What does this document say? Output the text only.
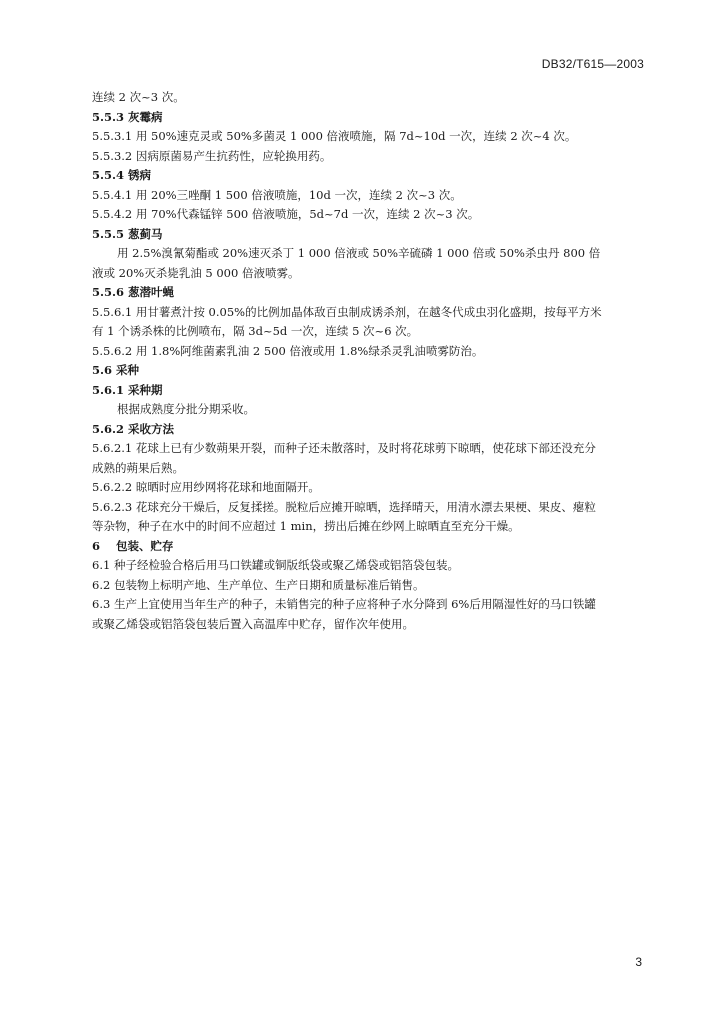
DB32/T615—2003
连续 2 次~3 次。
5.5.3 灰霉病
5.5.3.1 用 50%速克灵或 50%多菌灵 1 000 倍液喷施，隔 7d~10d 一次，连续 2 次~4 次。
5.5.3.2 因病原菌易产生抗药性，应轮换用药。
5.5.4 锈病
5.5.4.1 用 20%三唑酮 1 500 倍液喷施，10d 一次，连续 2 次~3 次。
5.5.4.2 用 70%代森锰锌 500 倍液喷施，5d~7d 一次，连续 2 次~3 次。
5.5.5 葱蓟马
用 2.5%溴氰菊酯或 20%速灭杀丁 1 000 倍液或 50%辛硫磷 1 000 倍或 50%杀虫丹 800 倍
液或 20%灭杀毙乳油 5 000 倍液喷雾。
5.5.6 葱潜叶蝇
5.5.6.1 用甘薯煮汁按 0.05%的比例加晶体敌百虫制成诱杀剂，在越冬代成虫羽化盛期，按每平方米
有 1 个诱杀株的比例喷布，隔 3d~5d 一次，连续 5 次~6 次。
5.5.6.2 用 1.8%阿维菌素乳油 2 500 倍液或用 1.8%绿杀灵乳油喷雾防治。
5.6 采种
5.6.1 采种期
根据成熟度分批分期采收。
5.6.2 采收方法
5.6.2.1 花球上已有少数蒴果开裂，而种子还未散落时，及时将花球剪下晾晒，使花球下部还没充分
成熟的蒴果后熟。
5.6.2.2 晾晒时应用纱网将花球和地面隔开。
5.6.2.3 花球充分干燥后，反复揉搓。脱粒后应摊开晾晒，选择晴天，用清水漂去果梗、果皮、瘪粒
等杂物，种子在水中的时间不应超过 1 min，捞出后摊在纱网上晾晒直至充分干燥。
6    包装、贮存
6.1 种子经检验合格后用马口铁罐或铜版纸袋或聚乙烯袋或铝箔袋包装。
6.2 包装物上标明产地、生产单位、生产日期和质量标准后销售。
6.3 生产上宜使用当年生产的种子，未销售完的种子应将种子水分降到 6%后用隔湿性好的马口铁罐
或聚乙烯袋或铝箔袋包装后置入高温库中贮存，留作次年使用。
3
